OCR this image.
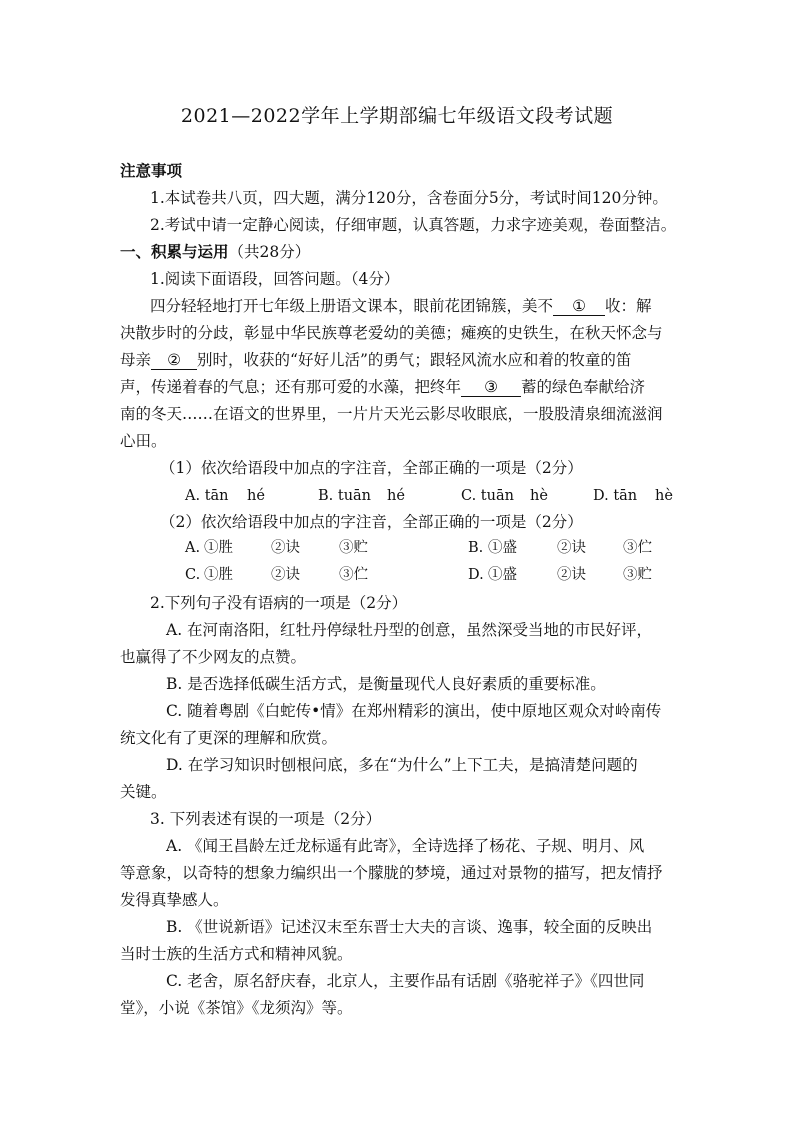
2021—2022学年上学期部编七年级语文段考试题
注意事项
1.本试卷共八页，四大题，满分120分，含卷面分5分，考试时间120分钟。
2.考试中请一定静心阅读，仔细审题，认真答题，力求字迹美观，卷面整洁。
一、积累与运用（共28分）
1.阅读下面语段，回答问题。（4分）
四分轻轻地打开七年级上册语文课本，眼前花团锦簇，美不 ① 收：解
决散步时的分歧，彰显中华民族尊老爱幼的美德；瘫痪的史铁生，在秋天怀念与
母亲 ② 别时，收获的“好好儿活”的勇气；跟轻风流水应和着的牧童的笛
声，传递着春的气息；还有那可爱的水藻，把终年 ③ 蓄的绿色奉献给济
南的冬天……在语文的世界里，一片片天光云影尽收眼底，一股股清泉细流滋润
心田。
（1）依次给语段中加点的字注音，全部正确的一项是（2分）
A. tān hé	B. tuān hé	C. tuān hè	D. tān hè
（2）依次给语段中加点的字注音，全部正确的一项是（2分）
A. ①胜	②诀	③贮	B. ①盛	②诀	③伫
C. ①胜	②诀	③伫	D. ①盛	②诀	③贮
2.下列句子没有语病的一项是（2分）
A. 在河南洛阳，红牡丹停绿牡丹型的创意，虽然深受当地的市民好评，
也赢得了不少网友的点赞。
B. 是否选择低碳生活方式，是衡量现代人良好素质的重要标准。
C. 随着粤剧《白蛇传•情》在郑州精彩的演出，使中原地区观众对岭南传
统文化有了更深的理解和欣赏。
D. 在学习知识时刨根问底，多在“为什么”上下工夫，是搞清楚问题的
关键。
3. 下列表述有误的一项是（2分）
A. 《闻王昌龄左迁龙标遥有此寄》，全诗选择了杨花、子规、明月、风
等意象，以奇特的想象力编织出一个朦胧的梦境，通过对景物的描写，把友情抒
发得真挚感人。
B. 《世说新语》记述汉末至东晋士大夫的言谈、逸事，较全面的反映出
当时士族的生活方式和精神风貌。
C. 老舍，原名舒庆春，北京人，主要作品有话剧《骆驼祥子》《四世同
堂》，小说《茶馆》《龙须沟》等。
